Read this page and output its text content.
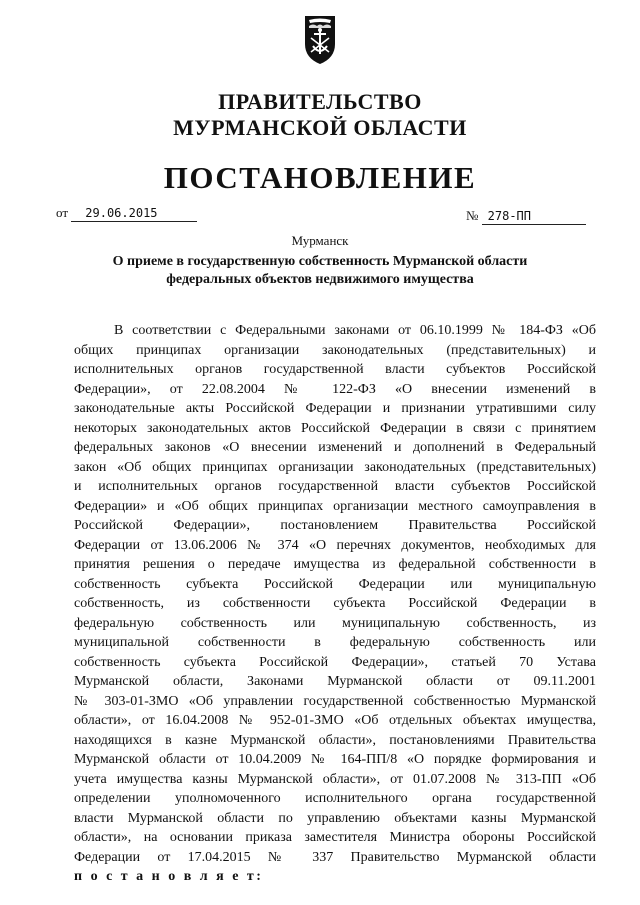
ПРАВИТЕЛЬСТВО
МУРМАНСКОЙ ОБЛАСТИ
ПОСТАНОВЛЕНИЕ
от 29.06.2015	№ 278-ПП
Мурманск
О приеме в государственную собственность Мурманской области
федеральных объектов недвижимого имущества
В соответствии с Федеральными законами от 06.10.1999 № 184-ФЗ «Об
общих принципах организации законодательных (представительных) и
исполнительных органов государственной власти субъектов Российской
Федерации», от 22.08.2004 № 122-ФЗ «О внесении изменений в
законодательные акты Российской Федерации и признании утратившими силу
некоторых законодательных актов Российской Федерации в связи с принятием
федеральных законов «О внесении изменений и дополнений в Федеральный
закон «Об общих принципах организации законодательных (представительных)
и исполнительных органов государственной власти субъектов Российской
Федерации» и «Об общих принципах организации местного самоуправления в
Российской Федерации», постановлением Правительства Российской
Федерации от 13.06.2006 № 374 «О перечнях документов, необходимых для
принятия решения о передаче имущества из федеральной собственности в
собственность субъекта Российской Федерации или муниципальную
собственность, из собственности субъекта Российской Федерации в
федеральную собственность или муниципальную собственность, из
муниципальной собственности в федеральную собственность или
собственность субъекта Российской Федерации», статьей 70 Устава
Мурманской области, Законами Мурманской области от 09.11.2001
№ 303-01-ЗМО «Об управлении государственной собственностью Мурманской
области», от 16.04.2008 № 952-01-ЗМО «Об отдельных объектах имущества,
находящихся в казне Мурманской области», постановлениями Правительства
Мурманской области от 10.04.2009 № 164-ПП/8 «О порядке формирования и
учета имущества казны Мурманской области», от 01.07.2008 № 313-ПП «Об
определении уполномоченного исполнительного органа государственной
власти Мурманской области по управлению объектами казны Мурманской
области», на основании приказа заместителя Министра обороны Российской
Федерации от 17.04.2015 № 337 Правительство Мурманской области
п о с т а н о в л я е т:
